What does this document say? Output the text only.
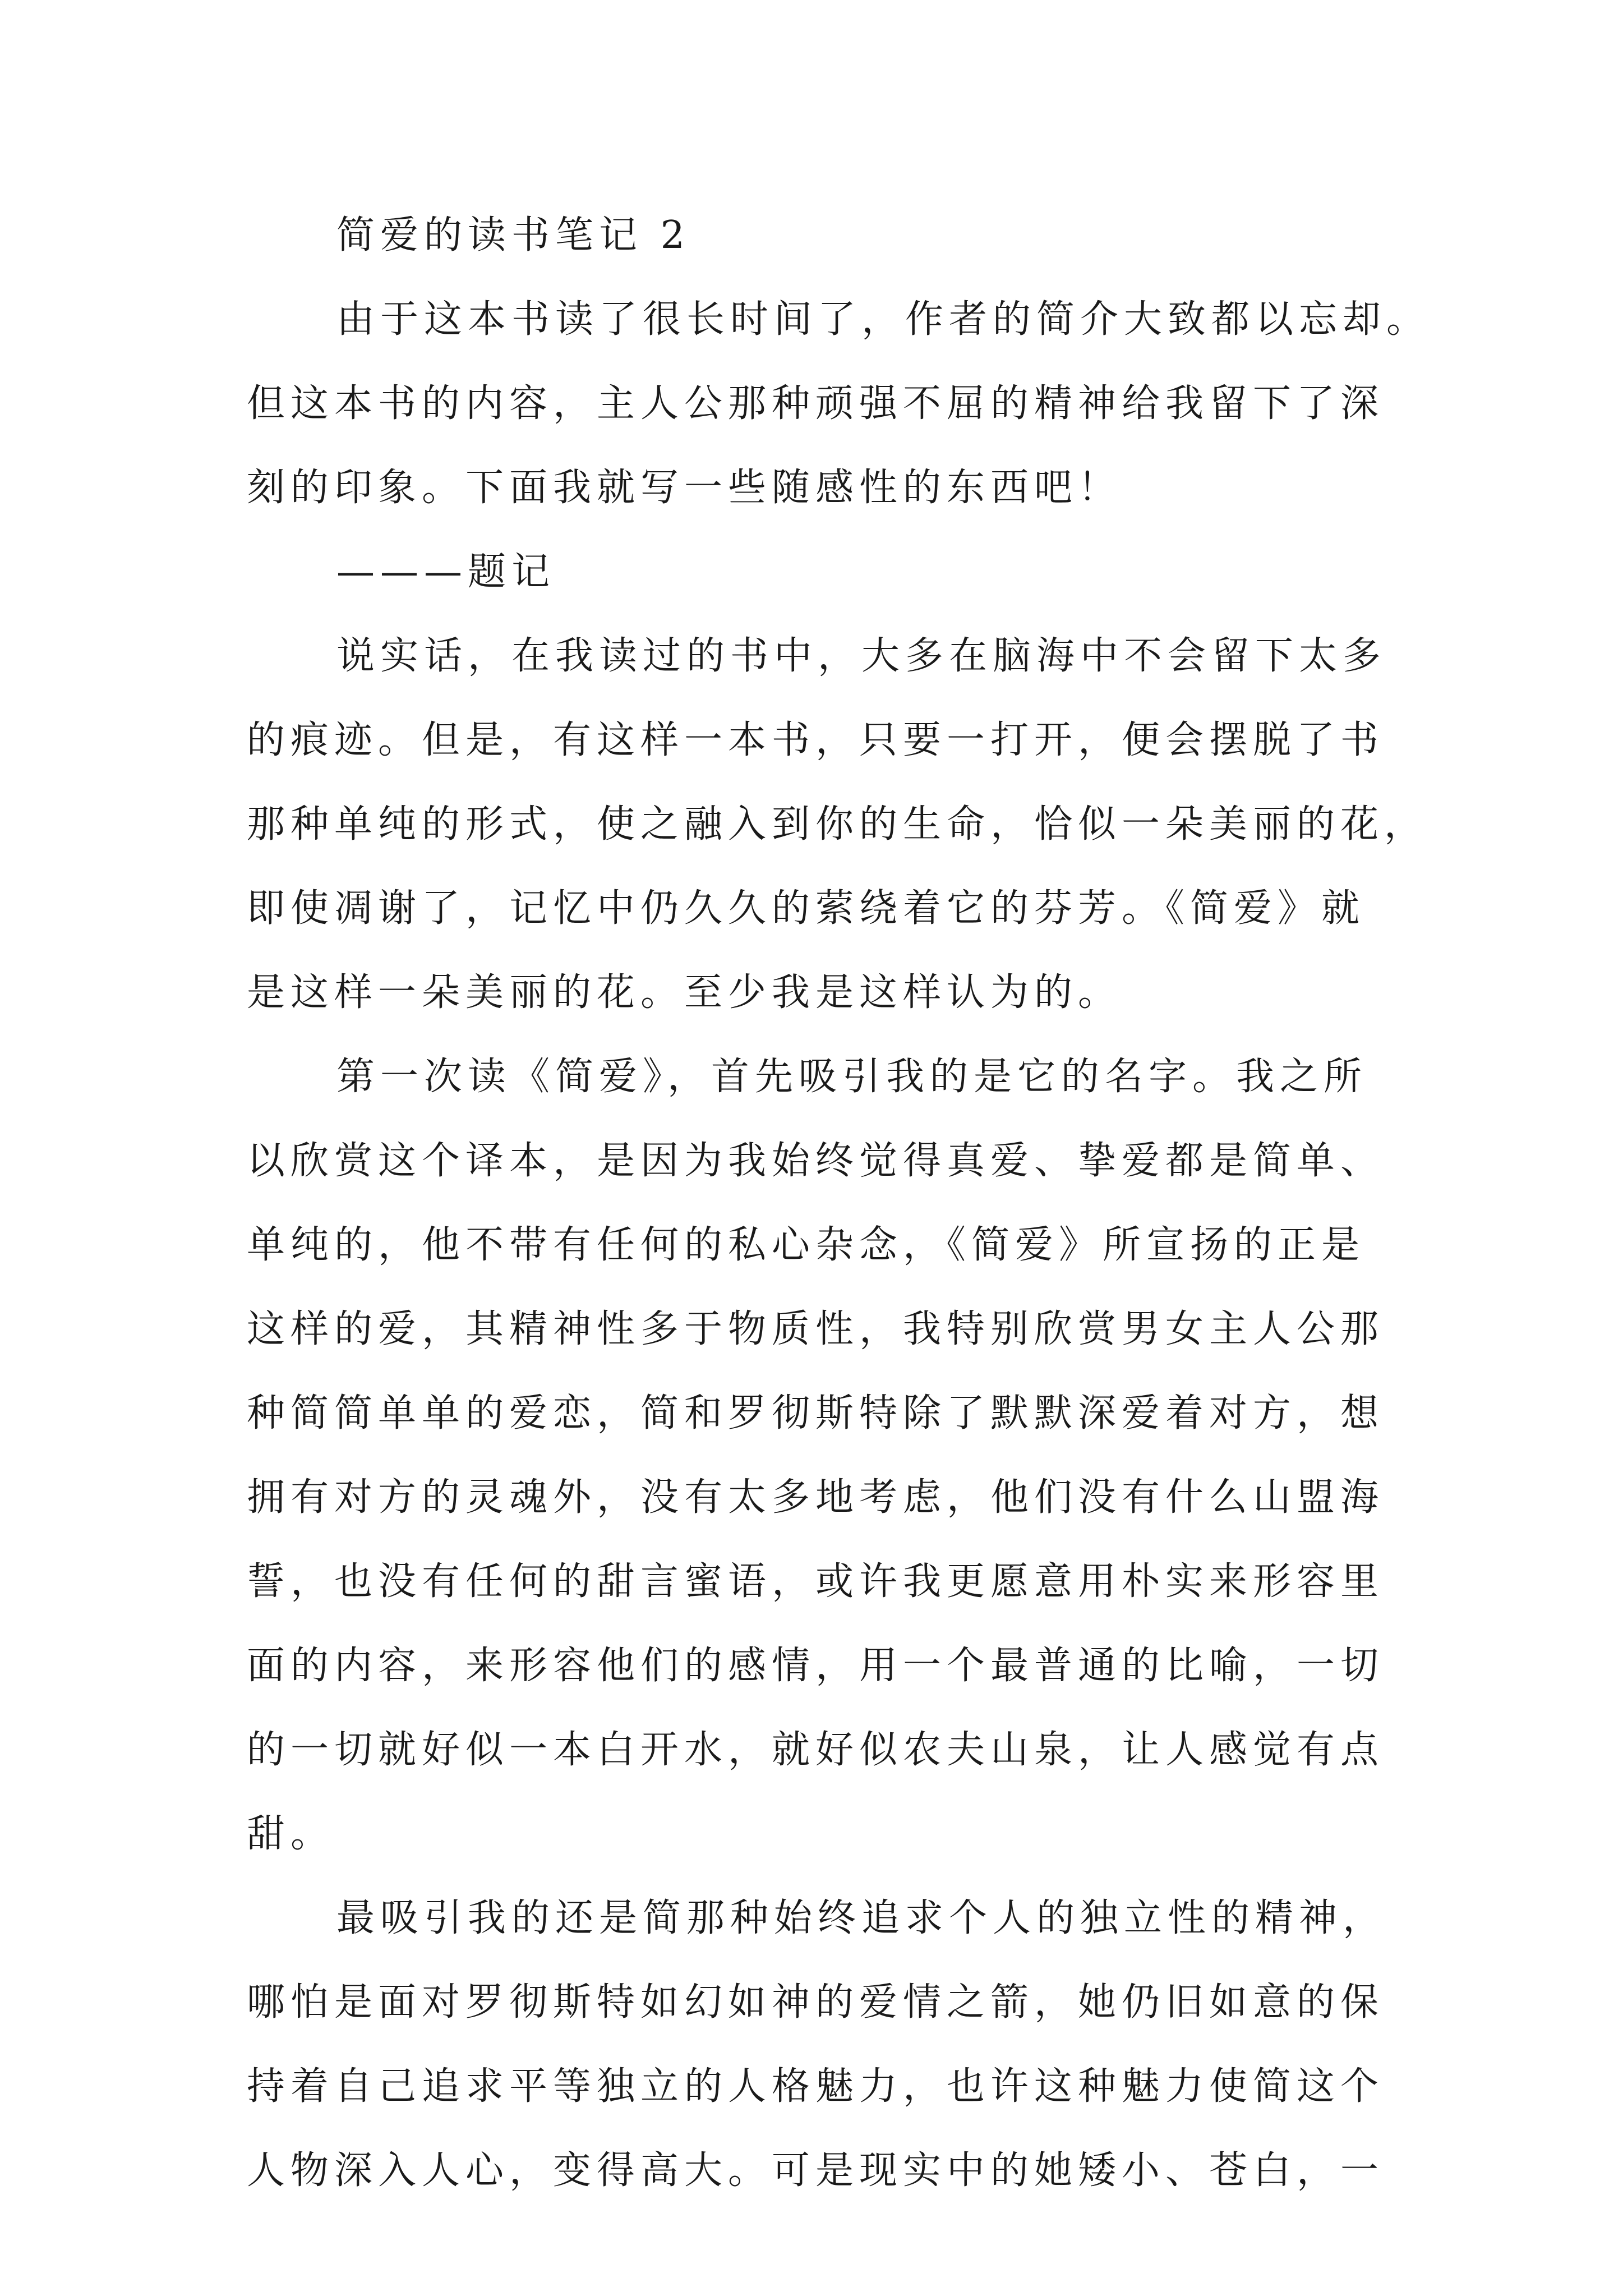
简爱的读书笔记 2
由于这本书读了很长时间了，作者的简介大致都以忘却。
但这本书的内容，主人公那种顽强不屈的精神给我留下了深
刻的印象。下面我就写一些随感性的东西吧！
———题记
说实话，在我读过的书中，大多在脑海中不会留下太多
的痕迹。但是，有这样一本书，只要一打开，便会摆脱了书
那种单纯的形式，使之融入到你的生命，恰似一朵美丽的花，
即使凋谢了，记忆中仍久久的萦绕着它的芬芳。《简爱》就
是这样一朵美丽的花。至少我是这样认为的。
第一次读《简爱》，首先吸引我的是它的名字。我之所
以欣赏这个译本，是因为我始终觉得真爱、挚爱都是简单、
单纯的，他不带有任何的私心杂念，《简爱》所宣扬的正是
这样的爱，其精神性多于物质性，我特别欣赏男女主人公那
种简简单单的爱恋，简和罗彻斯特除了默默深爱着对方，想
拥有对方的灵魂外，没有太多地考虑，他们没有什么山盟海
誓，也没有任何的甜言蜜语，或许我更愿意用朴实来形容里
面的内容，来形容他们的感情，用一个最普通的比喻，一切
的一切就好似一本白开水，就好似农夫山泉，让人感觉有点
甜。
最吸引我的还是简那种始终追求个人的独立性的精神，
哪怕是面对罗彻斯特如幻如神的爱情之箭，她仍旧如意的保
持着自己追求平等独立的人格魅力，也许这种魅力使简这个
人物深入人心，变得高大。可是现实中的她矮小、苍白，一
